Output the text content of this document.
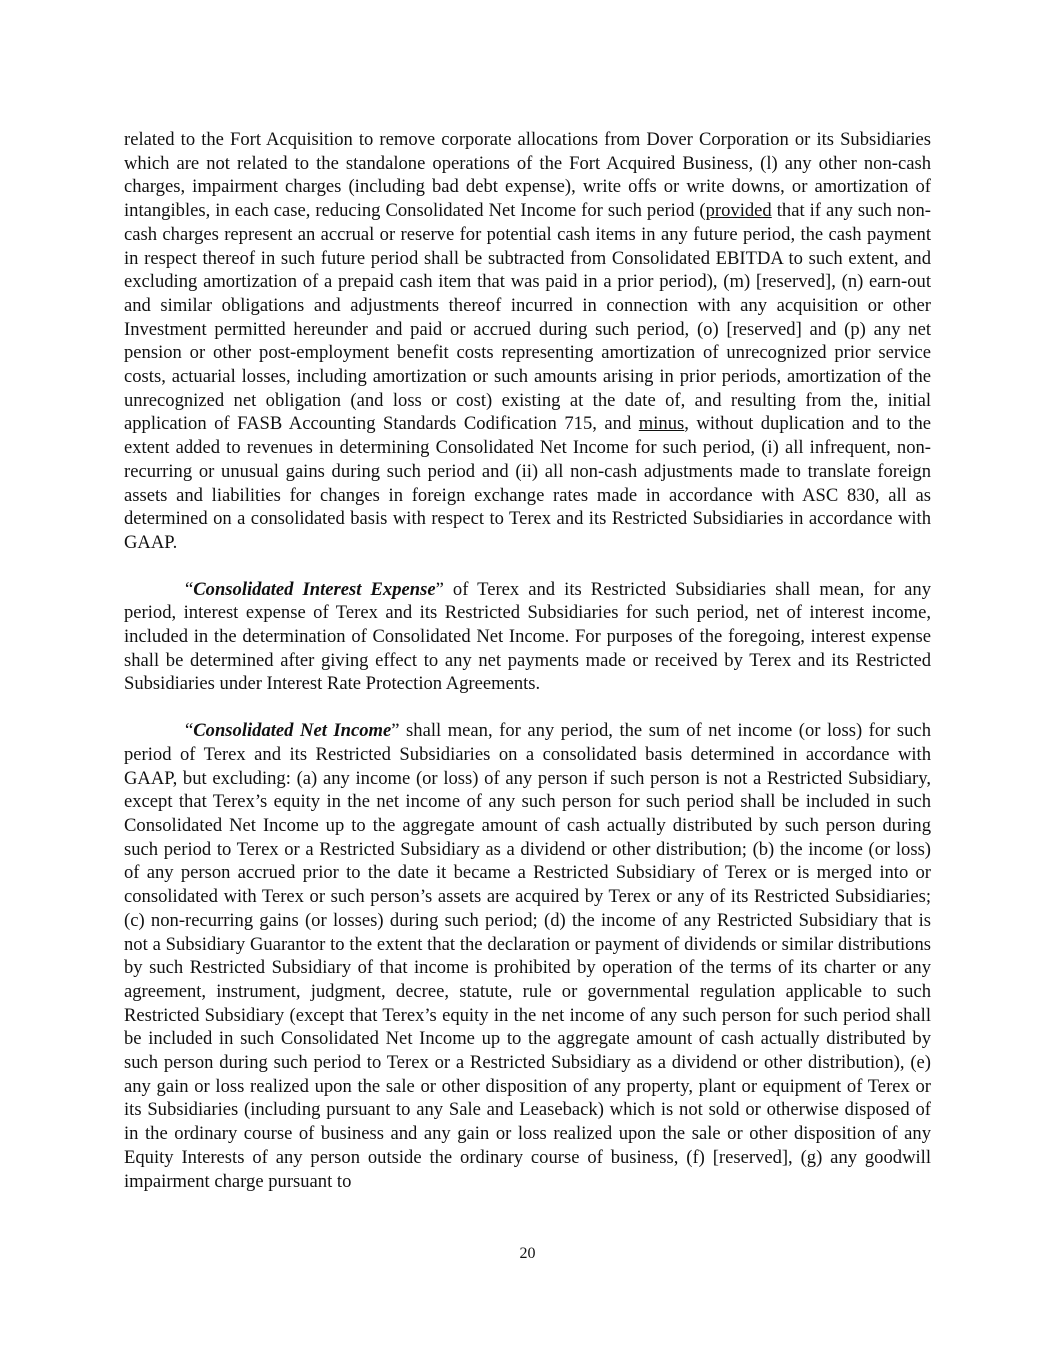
related to the Fort Acquisition to remove corporate allocations from Dover Corporation or its Subsidiaries which are not related to the standalone operations of the Fort Acquired Business, (l) any other non-cash charges, impairment charges (including bad debt expense), write offs or write downs, or amortization of intangibles, in each case, reducing Consolidated Net Income for such period (provided that if any such non-cash charges represent an accrual or reserve for potential cash items in any future period, the cash payment in respect thereof in such future period shall be subtracted from Consolidated EBITDA to such extent, and excluding amortization of a prepaid cash item that was paid in a prior period), (m) [reserved], (n) earn-out and similar obligations and adjustments thereof incurred in connection with any acquisition or other Investment permitted hereunder and paid or accrued during such period, (o) [reserved] and (p) any net pension or other post-employment benefit costs representing amortization of unrecognized prior service costs, actuarial losses, including amortization or such amounts arising in prior periods, amortization of the unrecognized net obligation (and loss or cost) existing at the date of, and resulting from the, initial application of FASB Accounting Standards Codification 715, and minus, without duplication and to the extent added to revenues in determining Consolidated Net Income for such period, (i) all infrequent, non-recurring or unusual gains during such period and (ii) all non-cash adjustments made to translate foreign assets and liabilities for changes in foreign exchange rates made in accordance with ASC 830, all as determined on a consolidated basis with respect to Terex and its Restricted Subsidiaries in accordance with GAAP.

“Consolidated Interest Expense” of Terex and its Restricted Subsidiaries shall mean, for any period, interest expense of Terex and its Restricted Subsidiaries for such period, net of interest income, included in the determination of Consolidated Net Income. For purposes of the foregoing, interest expense shall be determined after giving effect to any net payments made or received by Terex and its Restricted Subsidiaries under Interest Rate Protection Agreements.

“Consolidated Net Income” shall mean, for any period, the sum of net income (or loss) for such period of Terex and its Restricted Subsidiaries on a consolidated basis determined in accordance with GAAP, but excluding: (a) any income (or loss) of any person if such person is not a Restricted Subsidiary, except that Terex’s equity in the net income of any such person for such period shall be included in such Consolidated Net Income up to the aggregate amount of cash actually distributed by such person during such period to Terex or a Restricted Subsidiary as a dividend or other distribution; (b) the income (or loss) of any person accrued prior to the date it became a Restricted Subsidiary of Terex or is merged into or consolidated with Terex or such person’s assets are acquired by Terex or any of its Restricted Subsidiaries; (c) non-recurring gains (or losses) during such period; (d) the income of any Restricted Subsidiary that is not a Subsidiary Guarantor to the extent that the declaration or payment of dividends or similar distributions by such Restricted Subsidiary of that income is prohibited by operation of the terms of its charter or any agreement, instrument, judgment, decree, statute, rule or governmental regulation applicable to such Restricted Subsidiary (except that Terex’s equity in the net income of any such person for such period shall be included in such Consolidated Net Income up to the aggregate amount of cash actually distributed by such person during such period to Terex or a Restricted Subsidiary as a dividend or other distribution), (e) any gain or loss realized upon the sale or other disposition of any property, plant or equipment of Terex or its Subsidiaries (including pursuant to any Sale and Leaseback) which is not sold or otherwise disposed of in the ordinary course of business and any gain or loss realized upon the sale or other disposition of any Equity Interests of any person outside the ordinary course of business, (f) [reserved], (g) any goodwill impairment charge pursuant to

20
